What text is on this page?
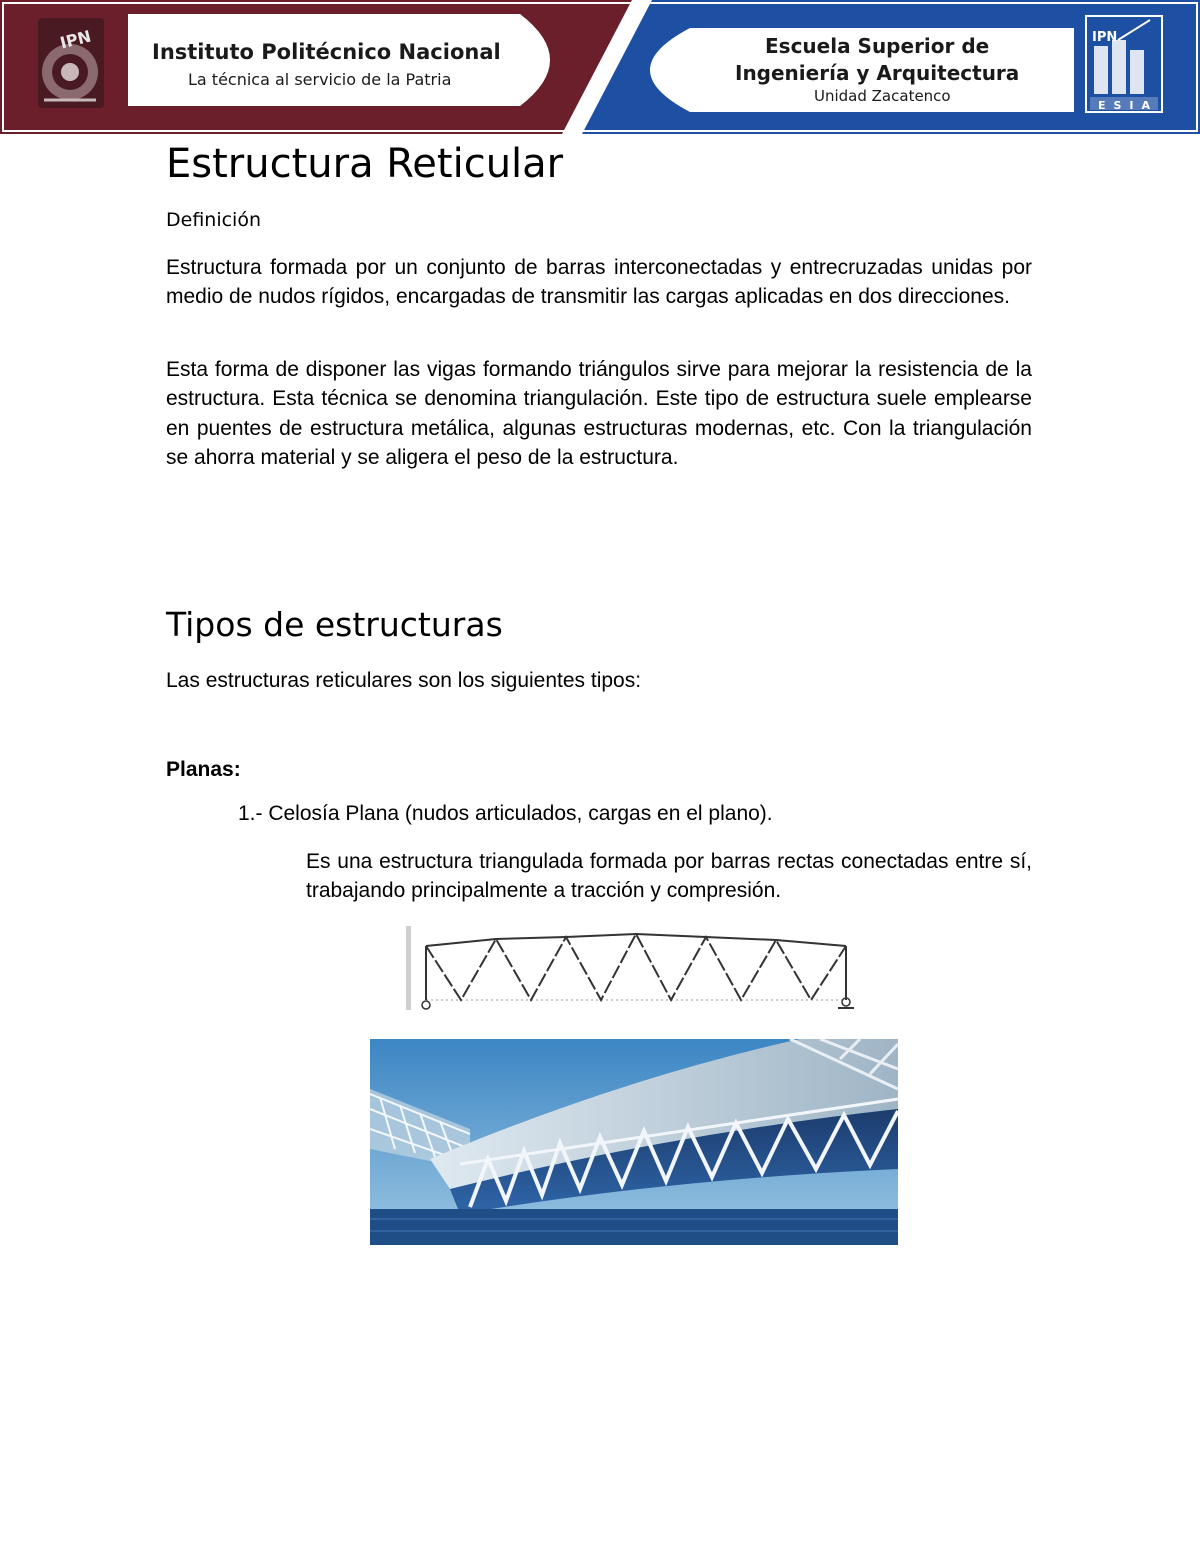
IPN	Instituto Politécnico Nacional
La técnica al servicio de la Patria
Escuela Superior de
Ingeniería y Arquitectura
Unidad Zacatenco
IPN
ESIA
Estructura Reticular
Definición
Estructura formada por un conjunto de barras interconectadas y entrecruzadas unidas por medio de nudos rígidos, encargadas de transmitir las cargas aplicadas en dos direcciones.
Esta forma de disponer las vigas formando triángulos sirve para mejorar la resistencia de la estructura. Esta técnica se denomina triangulación. Este tipo de estructura suele emplearse en puentes de estructura metálica, algunas estructuras modernas, etc. Con la triangulación se ahorra material y se aligera el peso de la estructura.
Tipos de estructuras
Las estructuras reticulares son los siguientes tipos:
Planas:
1.- Celosía Plana (nudos articulados, cargas en el plano).
Es una estructura triangulada formada por barras rectas conectadas entre sí, trabajando principalmente a tracción y compresión.
